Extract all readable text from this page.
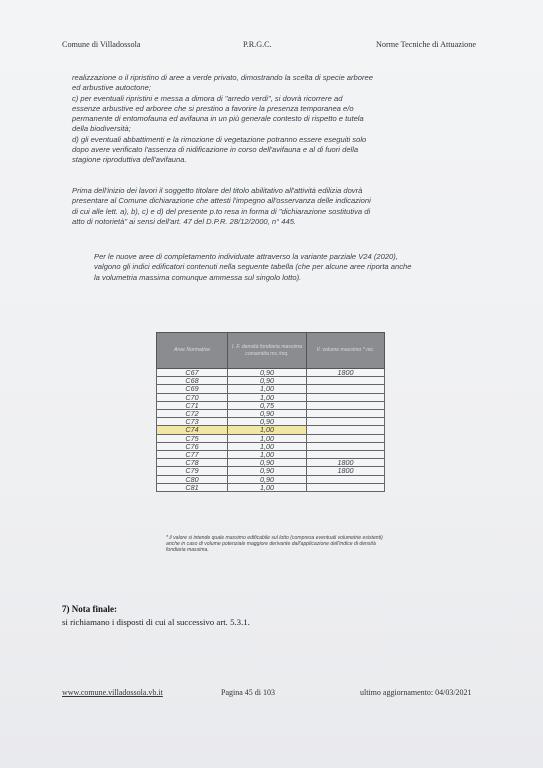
Comune di Villadossola	P.R.G.C.	Norme Tecniche di Attuazione

realizzazione o il ripristino di aree a verde privato, dimostrando la scelta di specie arboree

ed arbustive autoctone;

c) per eventuali ripristini e messa a dimora di "arredo verdi", si dovrà ricorrere ad

essenze arbustive ed arboree che si prestino a favorire la presenza temporanea e/o

permanente di entomofauna ed avifauna in un più generale contesto di rispetto e tutela

della biodiversità;

d) gli eventuali abbattimenti e la rimozione di vegetazione potranno essere eseguiti solo

dopo avere verificato l'assenza di nidificazione in corso dell'avifauna e al di fuori della

stagione riproduttiva dell'avifauna.

Prima dell'inizio dei lavori il soggetto titolare del titolo abilitativo all'attività edilizia dovrà

presentare al Comune dichiarazione che attesti l'impegno all'osservanza delle indicazioni

di cui alle lett. a), b), c) e d) del presente p.to resa in forma di "dichiarazione sostitutiva di

atto di notorietà" ai sensi dell'art. 47 del D.P.R. 28/12/2000, n° 445.

Per le nuove aree di completamento individuate attraverso la variante parziale V24 (2020),

valgono gli indici edificatori contenuti nella seguente tabella (che per alcune aree riporta anche

la volumetria massima comunque ammessa sul singolo lotto).

Aree Normative	I. F. densità fondiaria massima consentita mc./mq.	V. volume massimo * mc.
C67	0,90	1800
C68	0,90	
C69	1,00	
C70	1,00	
C71	0,75	
C72	0,90	
C73	0,90	
C74	1,00	
C75	1,00	
C76	1,00	
C77	1,00	
C78	0,90	1800
C79	0,90	1800
C80	0,90	
C81	1,00	
* il valore si intende quale massimo edificabile sul lotto (compresa eventuali volumetrie esistenti) anche in caso di volume potenziale maggiore derivante dall'applicazione dell'indice di densità fondiaria massima.
7) Nota finale:
si richiamano i disposti di cui al successivo art. 5.3.1.
www.comune.villadossola.vb.it	Pagina 45 di 103	ultimo aggiornamento: 04/03/2021
